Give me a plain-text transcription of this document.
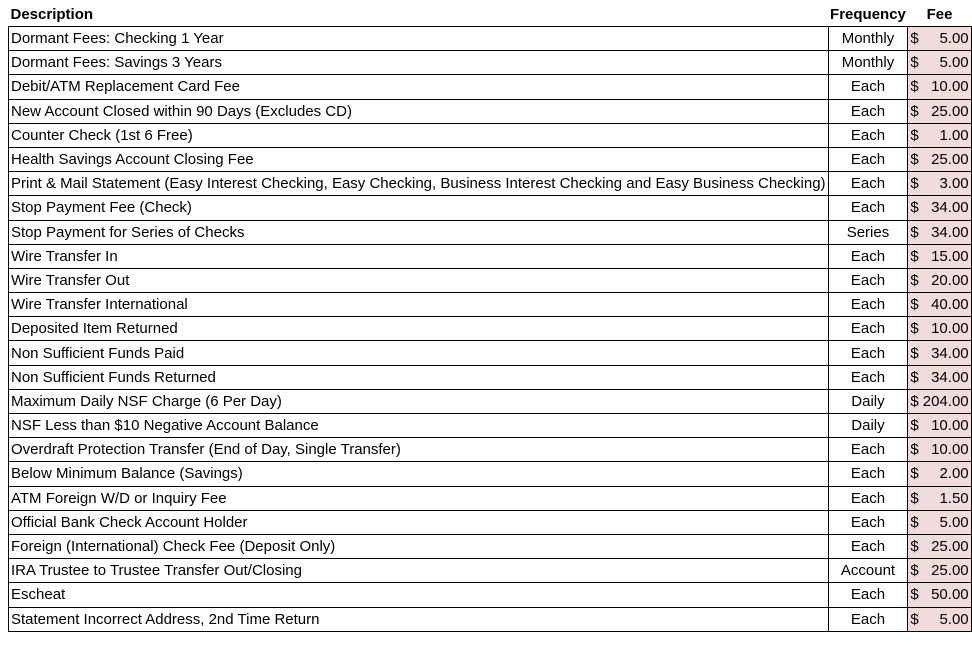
Description	Frequency	Fee	
Dormant Fees: Checking 1 Year	Monthly	$	5.00
Dormant Fees: Savings 3 Years	Monthly	$	5.00
Debit/ATM Replacement Card Fee	Each	$	10.00
New Account Closed within 90 Days (Excludes CD)	Each	$	25.00
Counter Check (1st 6 Free)	Each	$	1.00
Health Savings Account Closing Fee	Each	$	25.00
Print & Mail Statement (Easy Interest Checking, Easy Checking, Business Interest Checking and Easy Business Checking)	Each	$	3.00
Stop Payment Fee (Check)	Each	$	34.00
Stop Payment for Series of Checks	Series	$	34.00
Wire Transfer In	Each	$	15.00
Wire Transfer Out	Each	$	20.00
Wire Transfer International	Each	$	40.00
Deposited Item Returned	Each	$	10.00
Non Sufficient Funds Paid	Each	$	34.00
Non Sufficient Funds Returned	Each	$	34.00
Maximum Daily NSF Charge (6 Per Day)	Daily	$	204.00
NSF Less than $10 Negative Account Balance	Daily	$	10.00
Overdraft Protection Transfer (End of Day, Single Transfer)	Each	$	10.00
Below Minimum Balance (Savings)	Each	$	2.00
ATM Foreign W/D or Inquiry Fee	Each	$	1.50
Official Bank Check Account Holder	Each	$	5.00
Foreign (International) Check Fee (Deposit Only)	Each	$	25.00
IRA Trustee to Trustee Transfer Out/Closing	Account	$	25.00
Escheat	Each	$	50.00
Statement Incorrect Address, 2nd Time Return	Each	$	5.00
